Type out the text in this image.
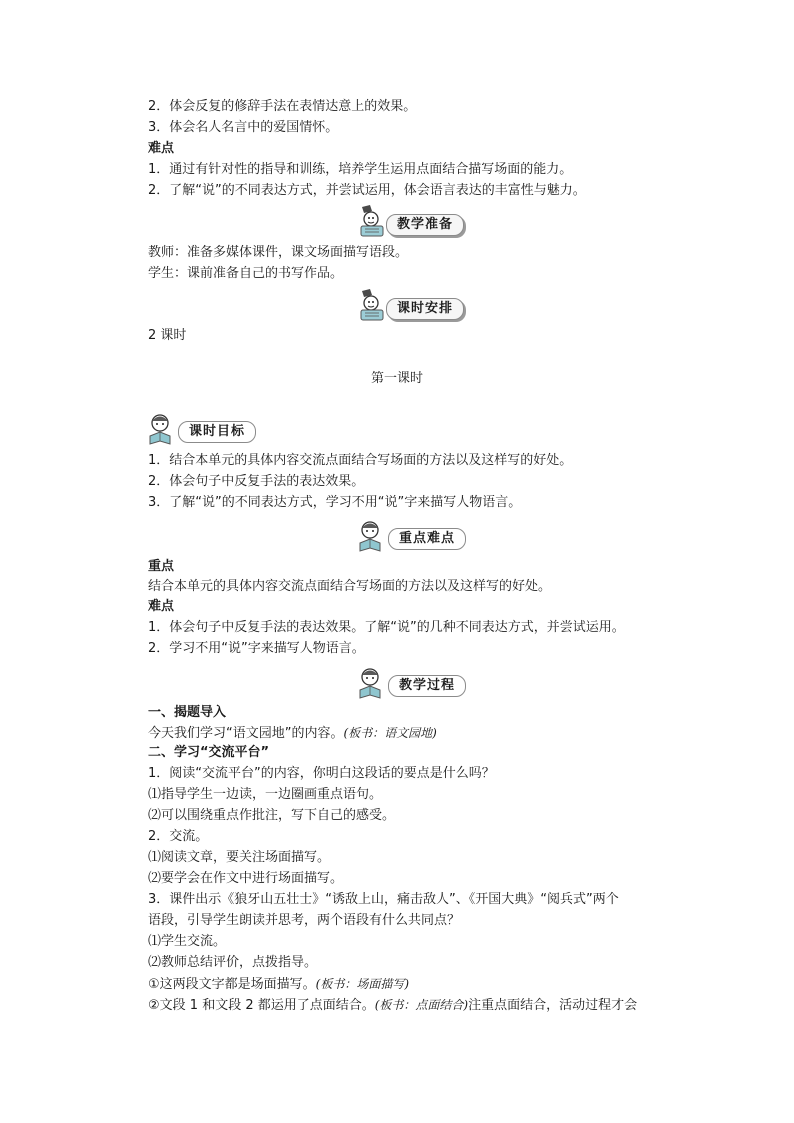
2．体会反复的修辞手法在表情达意上的效果。
3．体会名人名言中的爱国情怀。
难点
1．通过有针对性的指导和训练，培养学生运用点面结合描写场面的能力。
2．了解“说”的不同表达方式，并尝试运用，体会语言表达的丰富性与魅力。
教学准备
教师：准备多媒体课件，课文场面描写语段。
学生：课前准备自己的书写作品。
课时安排
2 课时
第一课时
课时目标
1．结合本单元的具体内容交流点面结合写场面的方法以及这样写的好处。
2．体会句子中反复手法的表达效果。
3．了解“说”的不同表达方式，学习不用“说”字来描写人物语言。
重点难点
重点
结合本单元的具体内容交流点面结合写场面的方法以及这样写的好处。
难点
1．体会句子中反复手法的表达效果。了解“说”的几种不同表达方式，并尝试运用。
2．学习不用“说”字来描写人物语言。
教学过程
一、揭题导入
今天我们学习“语文园地”的内容。(板书：语文园地)
二、学习“交流平台”
1．阅读“交流平台”的内容，你明白这段话的要点是什么吗？
⑴指导学生一边读，一边圈画重点语句。
⑵可以围绕重点作批注，写下自己的感受。
2．交流。
⑴阅读文章，要关注场面描写。
⑵要学会在作文中进行场面描写。
3．课件出示《狼牙山五壮士》“诱敌上山，痛击敌人”、《开国大典》“阅兵式”两个
语段，引导学生朗读并思考，两个语段有什么共同点？
⑴学生交流。
⑵教师总结评价，点拨指导。
①这两段文字都是场面描写。(板书：场面描写)
②文段 1 和文段 2 都运用了点面结合。(板书：点面结合)注重点面结合，活动过程才会
